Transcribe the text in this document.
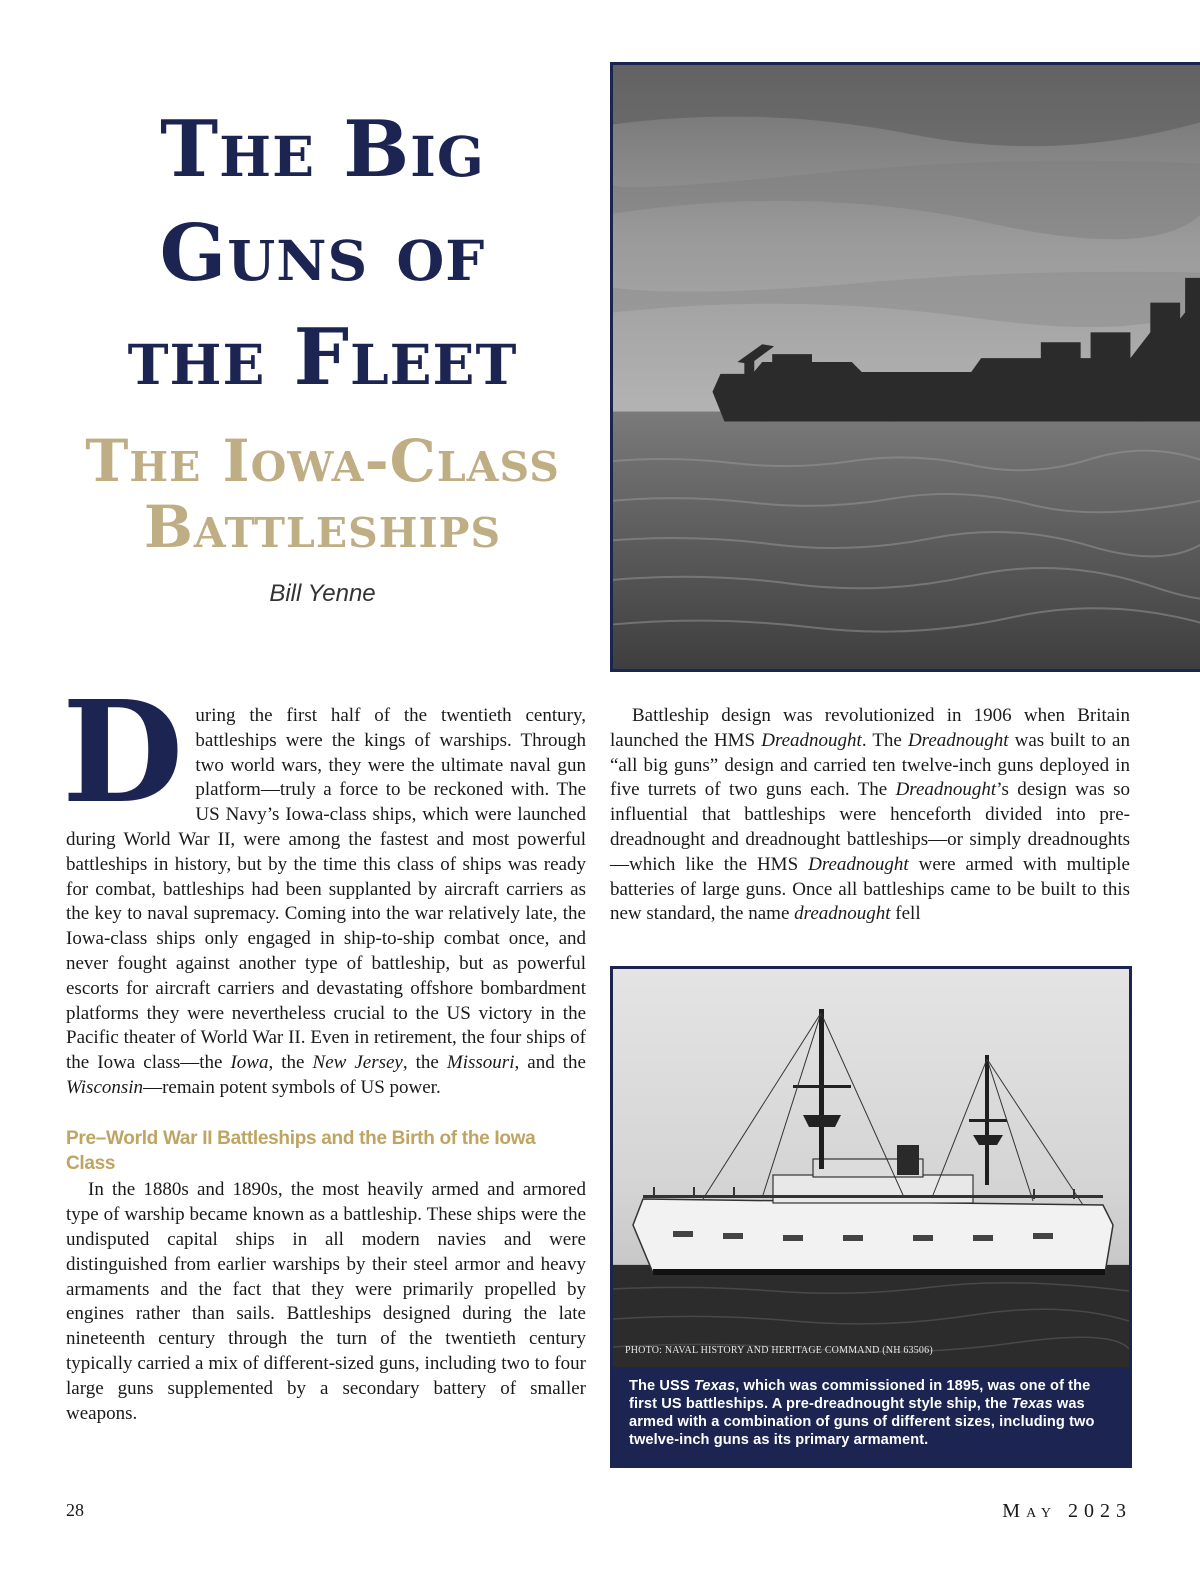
The Big
Guns of
the Fleet
The Iowa-Class
Battleships
Bill Yenne

During the first half of the twentieth century, battleships were the kings of warships. Through two world wars, they were the ultimate naval gun platform—truly a force to be reckoned with. The US Navy’s Iowa-class ships, which were launched during World War II, were among the fastest and most powerful battleships in history, but by the time this class of ships was ready for combat, battleships had been supplanted by aircraft carriers as the key to naval supremacy. Coming into the war relatively late, the Iowa-class ships only engaged in ship-to-ship combat once, and never fought against another type of battleship, but as powerful escorts for aircraft carriers and devastating offshore bombardment platforms they were nevertheless crucial to the US victory in the Pacific theater of World War II. Even in retirement, the four ships of the Iowa class—the Iowa, the New Jersey, the Missouri, and the Wisconsin—remain potent symbols of US power.

Pre–World War II Battleships and the Birth of the Iowa Class

In the 1880s and 1890s, the most heavily armed and armored type of warship became known as a battleship. These ships were the undisputed capital ships in all modern navies and were distinguished from earlier warships by their steel armor and heavy armaments and the fact that they were primarily propelled by engines rather than sails. Battleships designed during the late nineteenth century through the turn of the twentieth century typically carried a mix of different-sized guns, including two to four large guns supplemented by a secondary battery of smaller weapons.

Battleship design was revolutionized in 1906 when Britain launched the HMS Dreadnought. The Dreadnought was built to an “all big guns” design and carried ten twelve-inch guns deployed in five turrets of two guns each. The Dreadnought’s design was so influential that battleships were henceforth divided into pre-dreadnought and dreadnought battleships—or simply dreadnoughts—which like the HMS Dreadnought were armed with multiple batteries of large guns. Once all battleships came to be built to this new standard, the name dreadnought fell

PHOTO: NAVAL HISTORY AND HERITAGE COMMAND (NH 63506)
The USS Texas, which was commissioned in 1895, was one of the first US battleships. A pre-dreadnought style ship, the Texas was armed with a combination of guns of different sizes, including two twelve-inch guns as its primary armament.
28	May 2023
